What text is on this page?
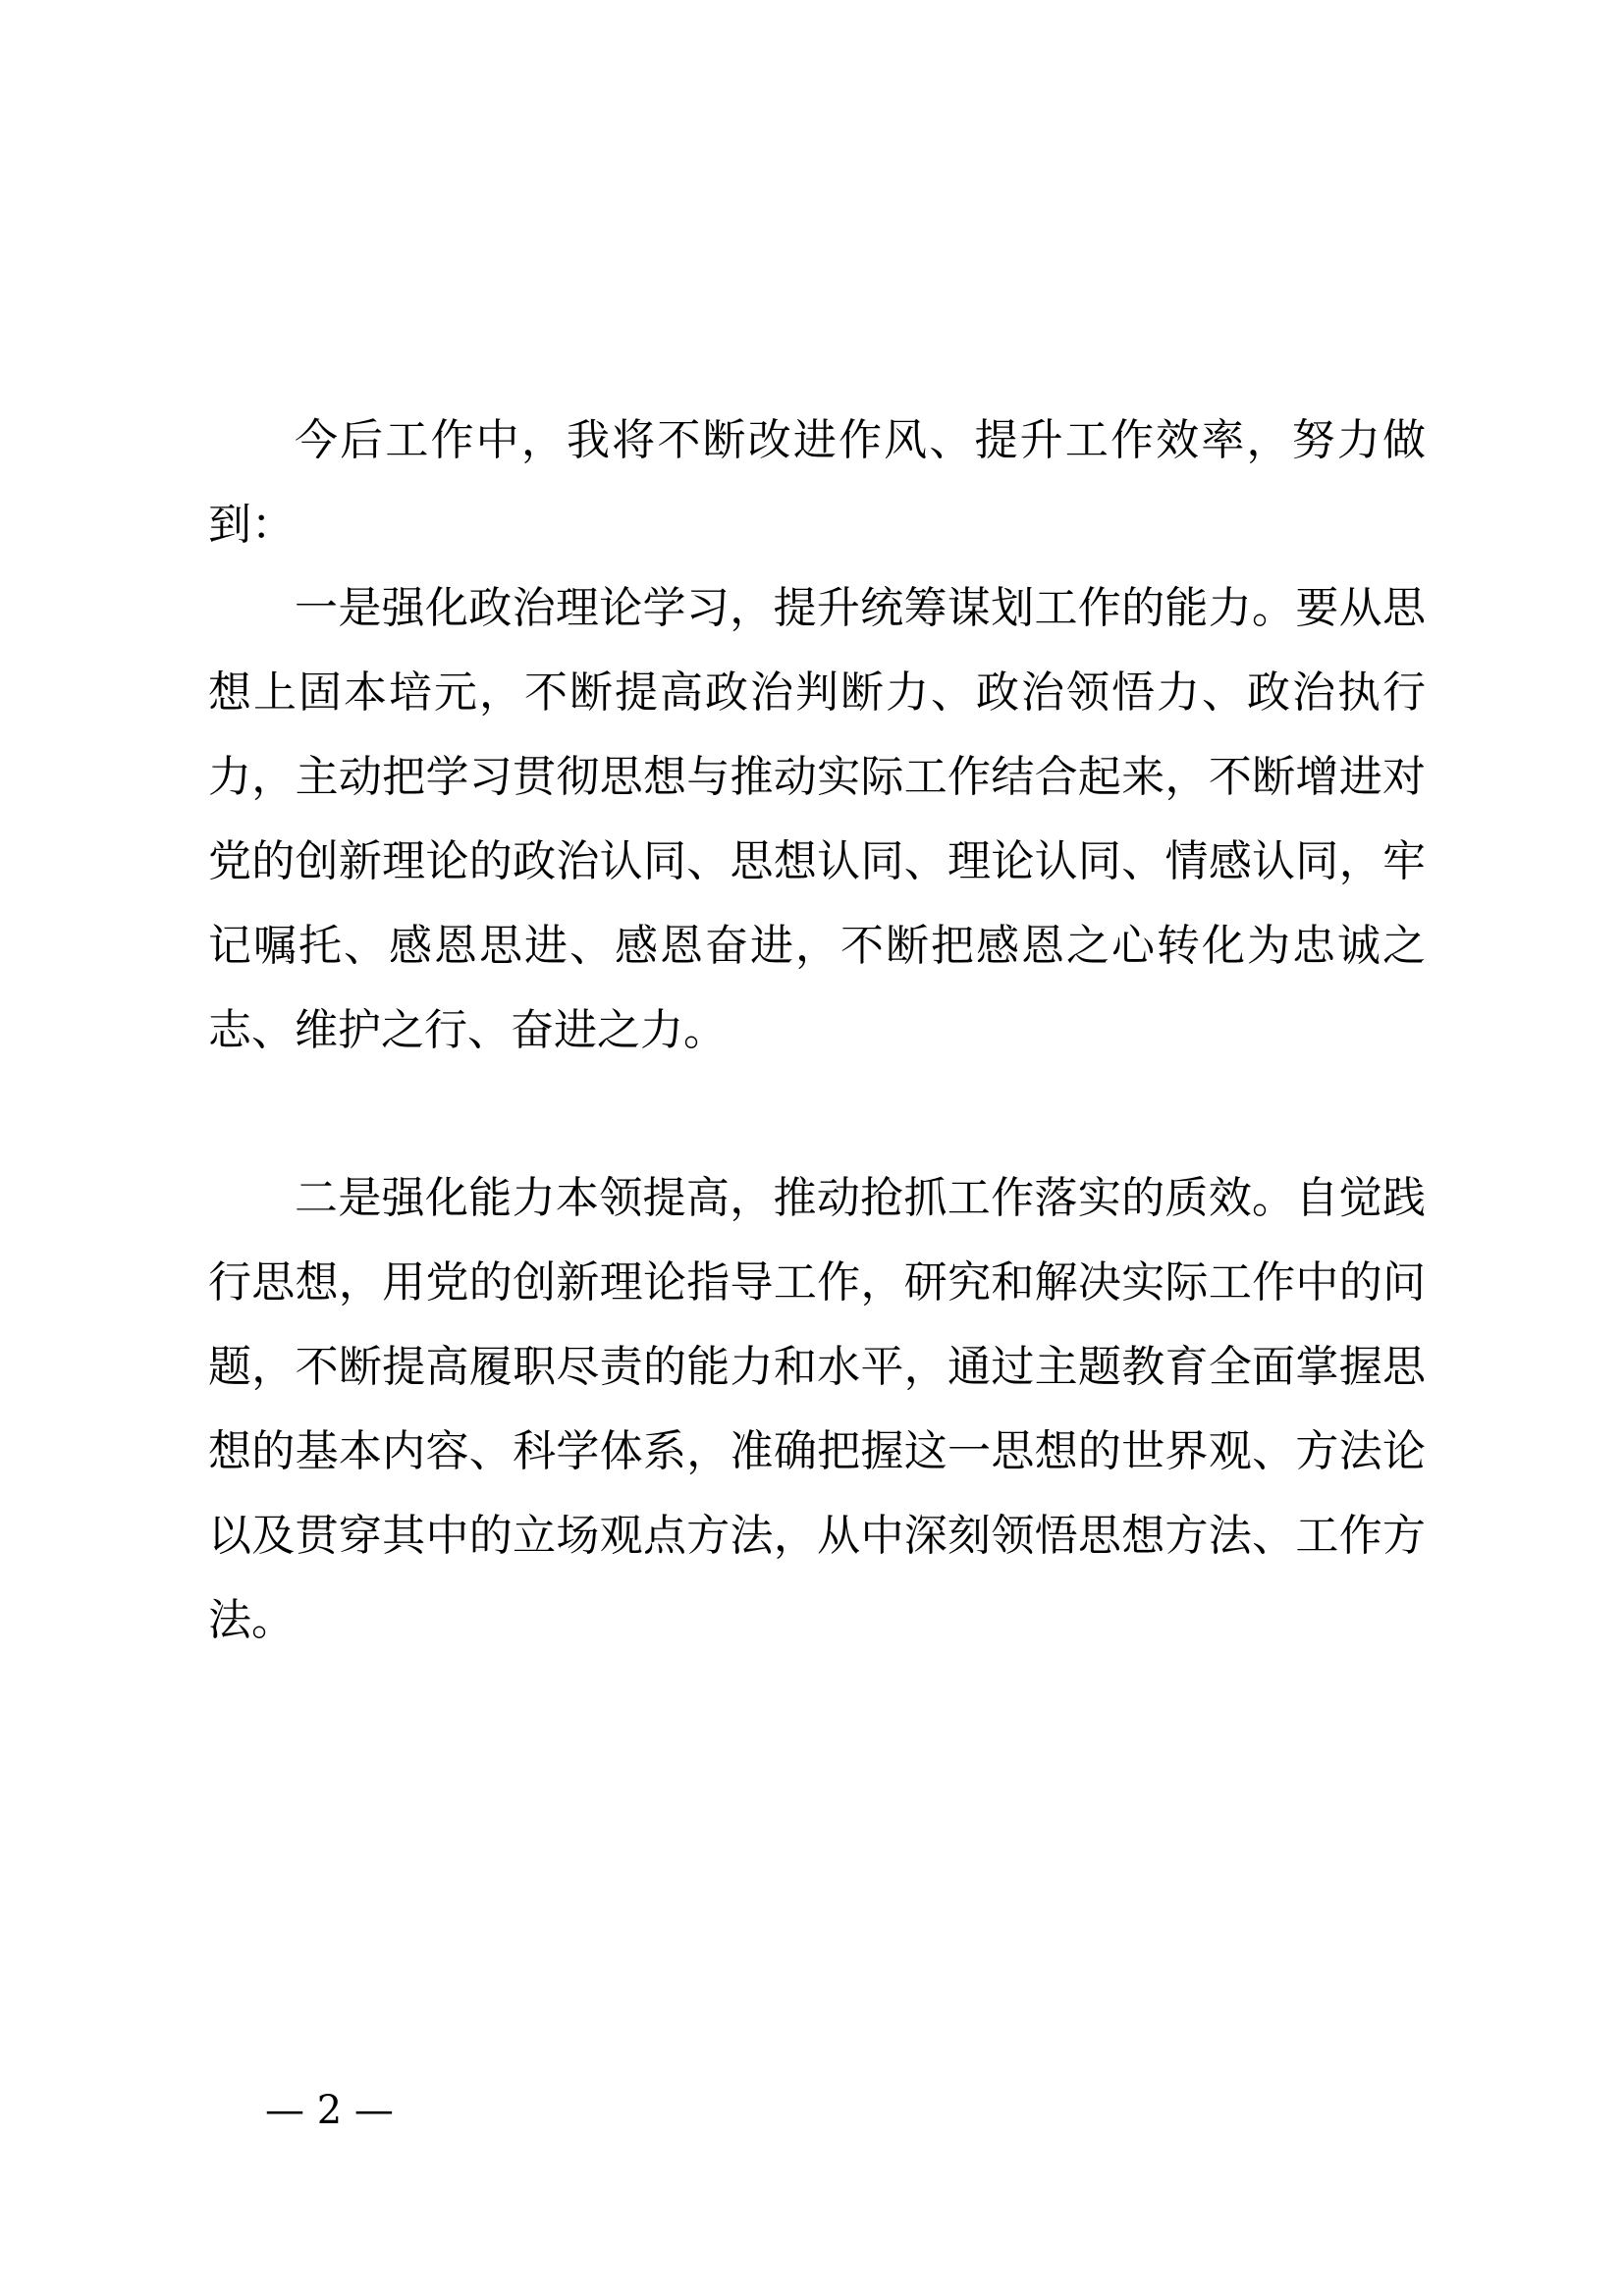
今后工作中，我将不断改进作风、提升工作效率，努力做到：

一是强化政治理论学习，提升统筹谋划工作的能力。要从思想上固本培元，不断提高政治判断力、政治领悟力、政治执行力，主动把学习贯彻思想与推动实际工作结合起来，不断增进对党的创新理论的政治认同、思想认同、理论认同、情感认同，牢记嘱托、感恩思进、感恩奋进，不断把感恩之心转化为忠诚之志、维护之行、奋进之力。

二是强化能力本领提高，推动抢抓工作落实的质效。自觉践行思想，用党的创新理论指导工作，研究和解决实际工作中的问题，不断提高履职尽责的能力和水平，通过主题教育全面掌握思想的基本内容、科学体系，准确把握这一思想的世界观、方法论以及贯穿其中的立场观点方法，从中深刻领悟思想方法、工作方法。

— 2 —
